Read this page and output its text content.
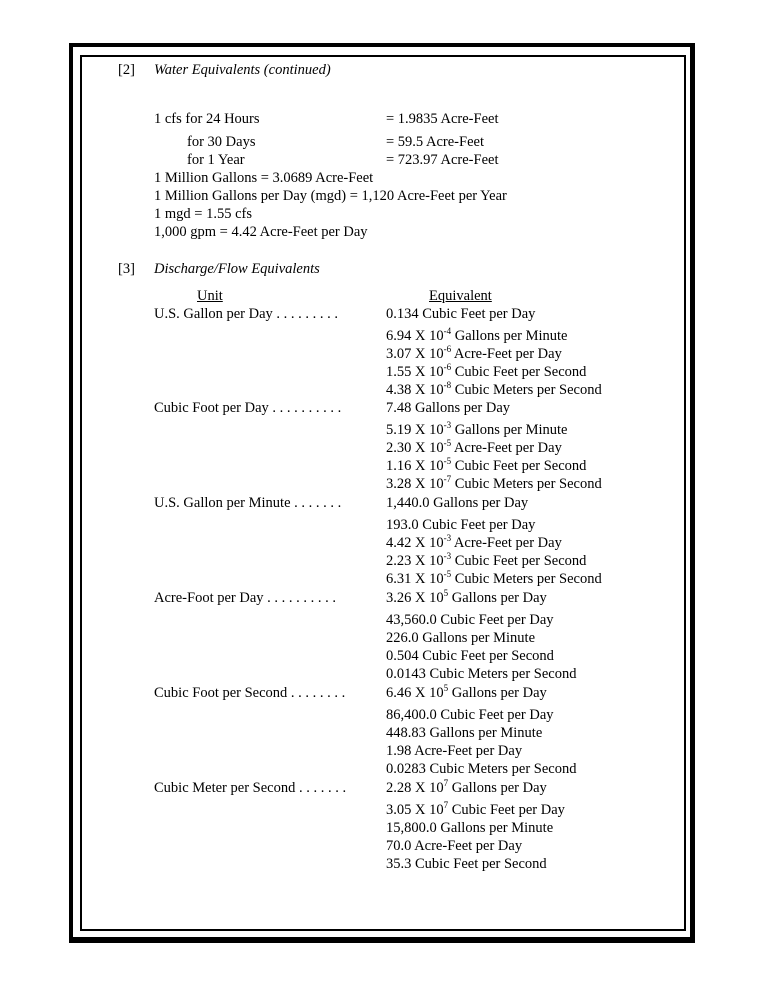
[2] Water Equivalents (continued)
1 cfs for 24 Hours	= 1.9835 Acre-Feet
for 30 Days	= 59.5 Acre-Feet
for 1 Year	= 723.97 Acre-Feet
1 Million Gallons = 3.0689 Acre-Feet
1 Million Gallons per Day (mgd) = 1,120 Acre-Feet per Year
1 mgd = 1.55 cfs
1,000 gpm = 4.42 Acre-Feet per Day
[3] Discharge/Flow Equivalents
Unit	Equivalent
U.S. Gallon per Day . . . . . . . . .	0.134 Cubic Feet per Day
6.94 X $10^{-4}$ Gallons per Minute
3.07 X $10^{-6}$ Acre-Feet per Day
1.55 X $10^{-6}$ Cubic Feet per Second
4.38 X $10^{-8}$ Cubic Meters per Second
Cubic Foot per Day . . . . . . . . . .	7.48 Gallons per Day
5.19 X $10^{-3}$ Gallons per Minute
2.30 X $10^{-5}$ Acre-Feet per Day
1.16 X $10^{-5}$ Cubic Feet per Second
3.28 X $10^{-7}$ Cubic Meters per Second
U.S. Gallon per Minute . . . . . . .	1,440.0 Gallons per Day
193.0 Cubic Feet per Day
4.42 X $10^{-3}$ Acre-Feet per Day
2.23 X $10^{-3}$ Cubic Feet per Second
6.31 X $10^{-5}$ Cubic Meters per Second
Acre-Foot per Day . . . . . . . . . .	3.26 X $10^5$ Gallons per Day
43,560.0 Cubic Feet per Day
226.0 Gallons per Minute
0.504 Cubic Feet per Second
0.0143 Cubic Meters per Second
Cubic Foot per Second . . . . . . . .	6.46 X $10^5$ Gallons per Day
86,400.0 Cubic Feet per Day
448.83 Gallons per Minute
1.98 Acre-Feet per Day
0.0283 Cubic Meters per Second
Cubic Meter per Second . . . . . . .	2.28 X $10^7$ Gallons per Day
3.05 X $10^7$ Cubic Feet per Day
15,800.0 Gallons per Minute
70.0 Acre-Feet per Day
35.3 Cubic Feet per Second
